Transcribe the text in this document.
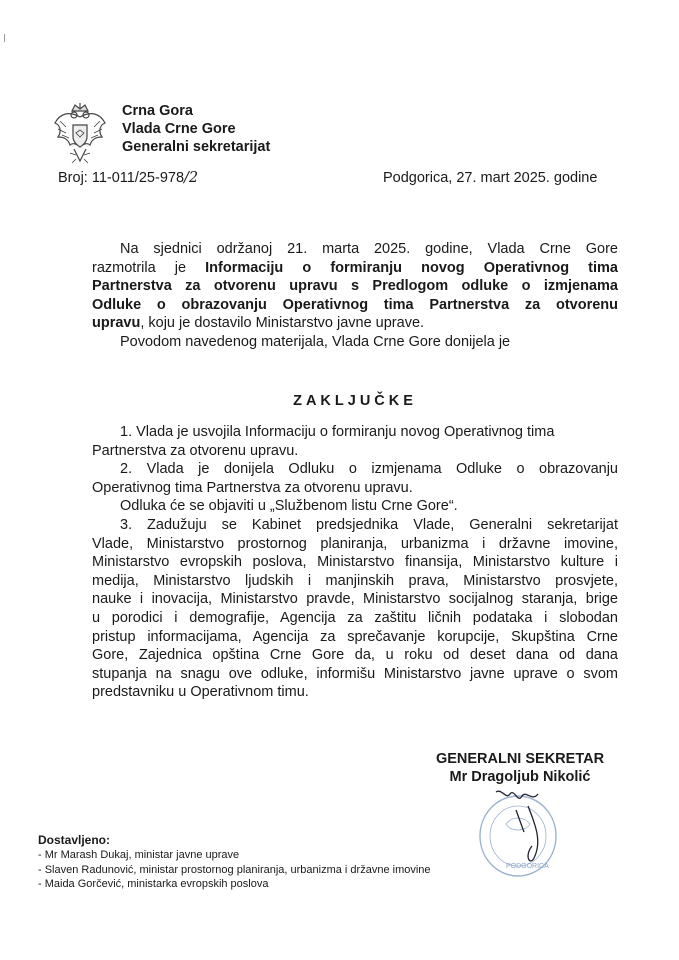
Crna Gora
Vlada Crne Gore
Generalni sekretarijat
Broj: 11-011/25-978/2	Podgorica, 27. mart 2025. godine

Na sjednici održanoj 21. marta 2025. godine, Vlada Crne Gore

razmotrila je Informaciju o formiranju novog Operativnog tima

Partnerstva za otvorenu upravu s Predlogom odluke o izmjenama

Odluke o obrazovanju Operativnog tima Partnerstva za otvorenu

upravu, koju je dostavilo Ministarstvo javne uprave.

Povodom navedenog materijala, Vlada Crne Gore donijela je

ZAKLJUČKE

1. Vlada je usvojila Informaciju o formiranju novog Operativnog tima

Partnerstva za otvorenu upravu.

2. Vlada je donijela Odluku o izmjenama Odluke o obrazovanju

Operativnog tima Partnerstva za otvorenu upravu.

Odluka će se objaviti u „Službenom listu Crne Gore“.

3. Zadužuju se Kabinet predsjednika Vlade, Generalni sekretarijat

Vlade, Ministarstvo prostornog planiranja, urbanizma i državne imovine,

Ministarstvo evropskih poslova, Ministarstvo finansija, Ministarstvo kulture i

medija, Ministarstvo ljudskih i manjinskih prava, Ministarstvo prosvjete,

nauke i inovacija, Ministarstvo pravde, Ministarstvo socijalnog staranja, brige

u porodici i demografije, Agencija za zaštitu ličnih podataka i slobodan

pristup informacijama, Agencija za sprečavanje korupcije, Skupština Crne

Gore, Zajednica opština Crne Gore da, u roku od deset dana od dana

stupanja na snagu ove odluke, informišu Ministarstvo javne uprave o svom

predstavniku u Operativnom timu.

GENERALNI SEKRETAR
Mr Dragoljub Nikolić
PODGORICA
Dostavljeno:
- Mr Marash Dukaj, ministar javne uprave
- Slaven Radunović, ministar prostornog planiranja, urbanizma i državne imovine
- Maida Gorčević, ministarka evropskih poslova
